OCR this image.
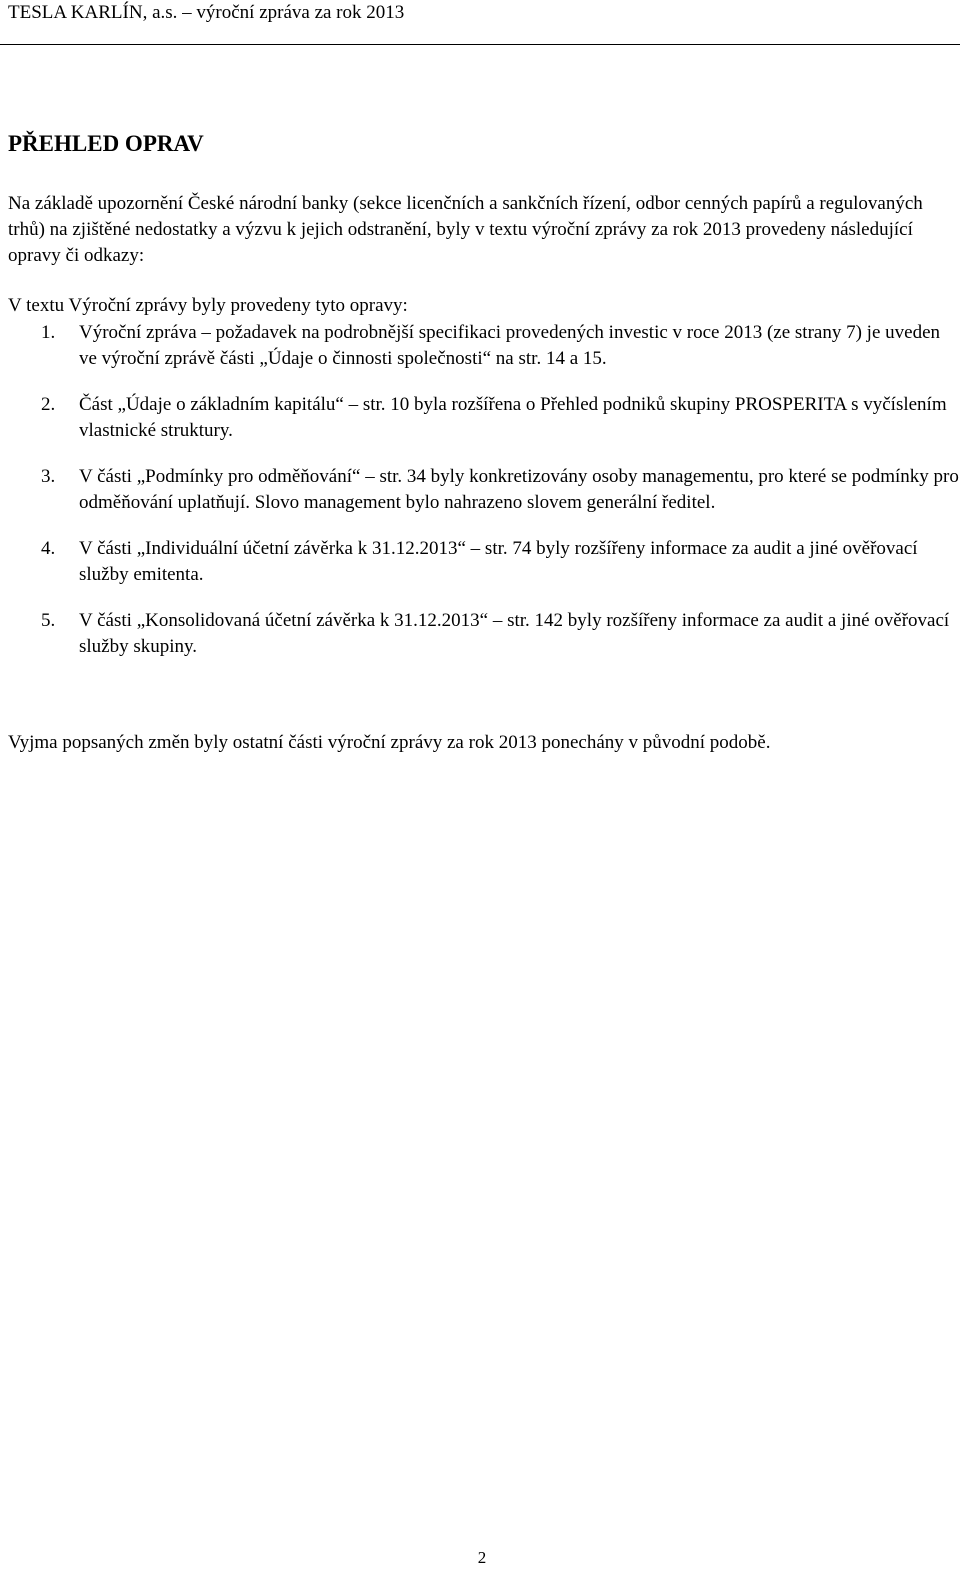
TESLA KARLÍN, a.s. – výroční zpráva za rok 2013
PŘEHLED OPRAV

Na základě upozornění České národní banky (sekce licenčních a sankčních řízení, odbor cenných papírů a regulovaných trhů) na zjištěné nedostatky a výzvu k jejich odstranění, byly v textu výroční zprávy za rok 2013 provedeny následující opravy či odkazy:

V textu Výroční zprávy byly provedeny tyto opravy:

1. Výroční zpráva – požadavek na podrobnější specifikaci provedených investic v roce 2013 (ze strany 7) je uveden ve výroční zprávě části „Údaje o činnosti společnosti“ na str. 14 a 15.
2. Část „Údaje o základním kapitálu“ – str. 10 byla rozšířena o Přehled podniků skupiny PROSPERITA s vyčíslením vlastnické struktury.
3. V části „Podmínky pro odměňování“ – str. 34 byly konkretizovány osoby managementu, pro které se podmínky pro odměňování uplatňují. Slovo management bylo nahrazeno slovem generální ředitel.
4. V části „Individuální účetní závěrka k 31.12.2013“ – str. 74 byly rozšířeny informace za audit a jiné ověřovací služby emitenta.
5. V části „Konsolidovaná účetní závěrka k 31.12.2013“ – str. 142 byly rozšířeny informace za audit a jiné ověřovací služby skupiny.

Vyjma popsaných změn byly ostatní části výroční zprávy za rok 2013 ponechány v původní podobě.

2
